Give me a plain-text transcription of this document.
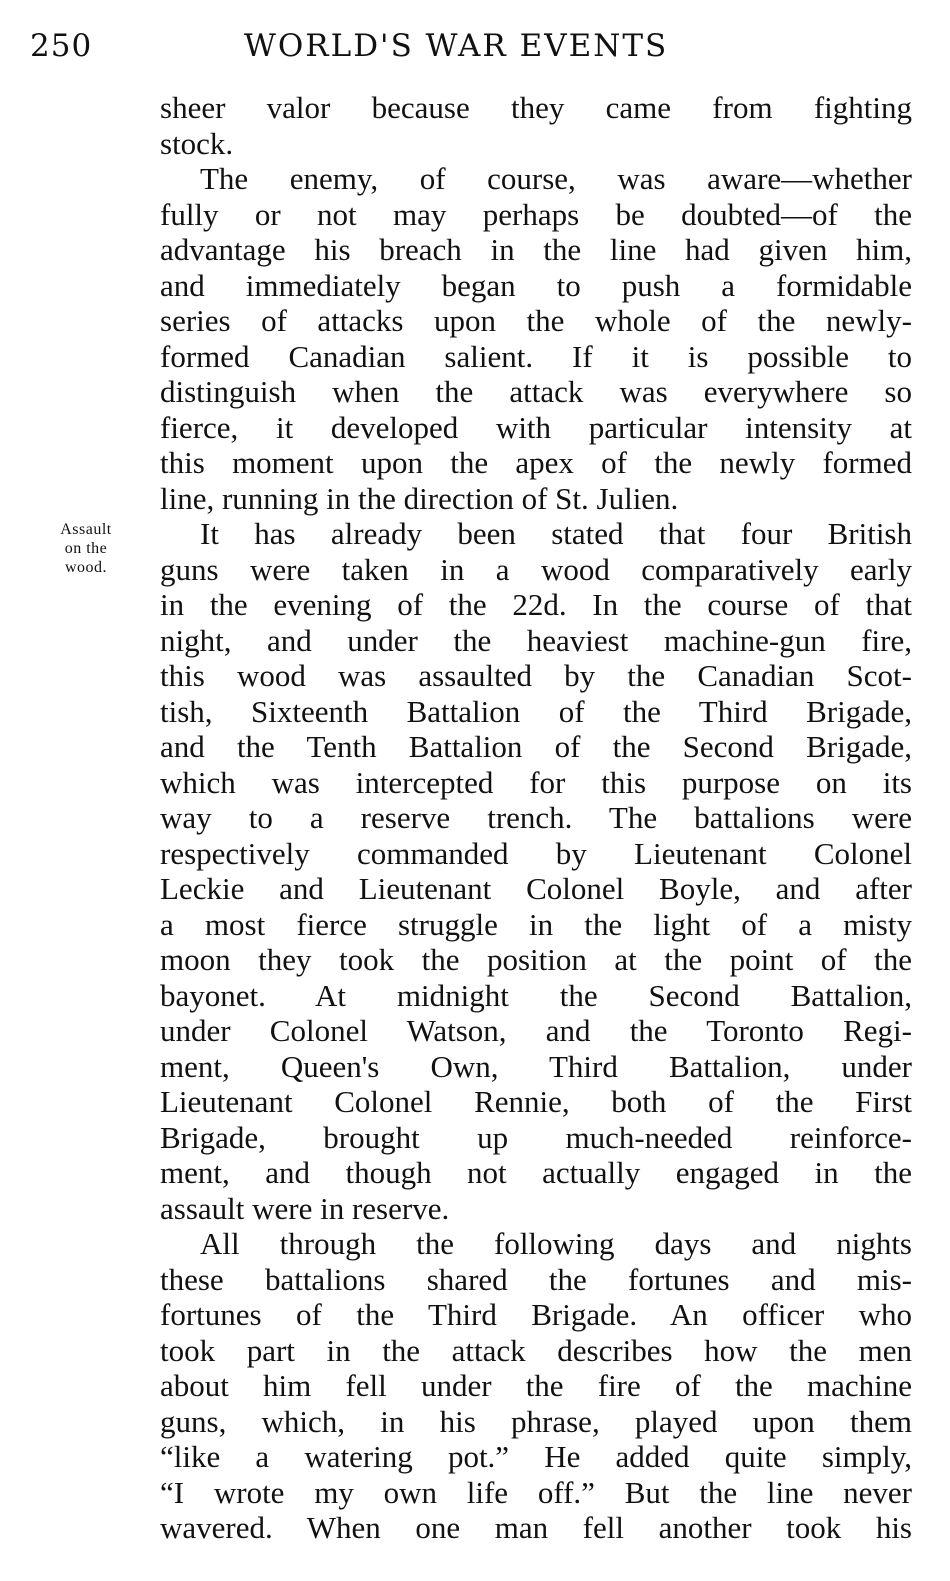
250	WORLD'S WAR EVENTS
Assault
on the
wood.
sheer valor because they came from fighting
stock.
The enemy, of course, was aware—whether
fully or not may perhaps be doubted—of the
advantage his breach in the line had given him,
and immediately began to push a formidable
series of attacks upon the whole of the newly-
formed Canadian salient. If it is possible to
distinguish when the attack was everywhere so
fierce, it developed with particular intensity at
this moment upon the apex of the newly formed
line, running in the direction of St. Julien.
It has already been stated that four British
guns were taken in a wood comparatively early
in the evening of the 22d. In the course of that
night, and under the heaviest machine-gun fire,
this wood was assaulted by the Canadian Scot-
tish, Sixteenth Battalion of the Third Brigade,
and the Tenth Battalion of the Second Brigade,
which was intercepted for this purpose on its
way to a reserve trench. The battalions were
respectively commanded by Lieutenant Colonel
Leckie and Lieutenant Colonel Boyle, and after
a most fierce struggle in the light of a misty
moon they took the position at the point of the
bayonet. At midnight the Second Battalion,
under Colonel Watson, and the Toronto Regi-
ment, Queen's Own, Third Battalion, under
Lieutenant Colonel Rennie, both of the First
Brigade, brought up much-needed reinforce-
ment, and though not actually engaged in the
assault were in reserve.
All through the following days and nights
these battalions shared the fortunes and mis-
fortunes of the Third Brigade. An officer who
took part in the attack describes how the men
about him fell under the fire of the machine
guns, which, in his phrase, played upon them
“like a watering pot.” He added quite simply,
“I wrote my own life off.” But the line never
wavered. When one man fell another took his
